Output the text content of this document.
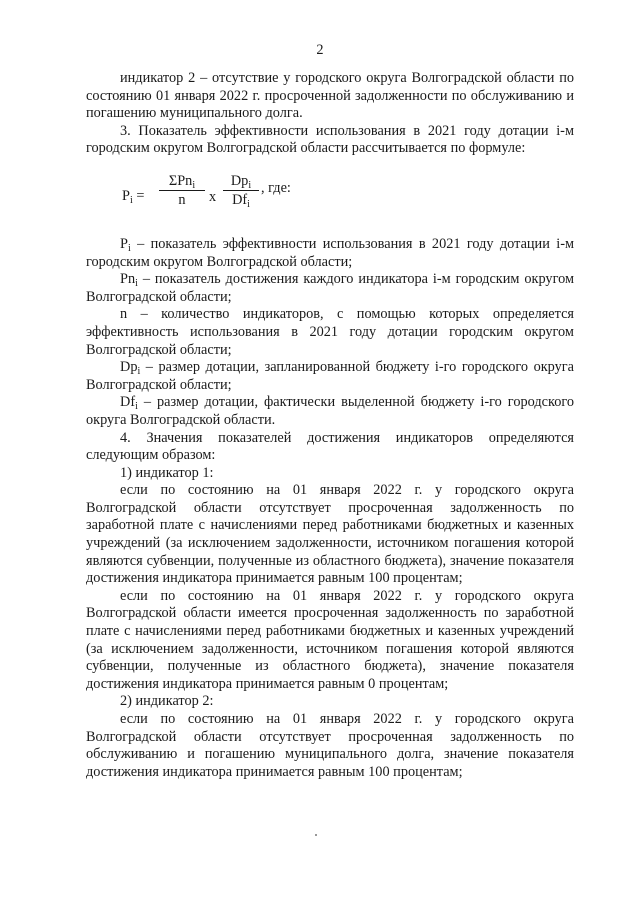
2

индикатор 2 – отсутствие у городского округа Волгоградской области по состоянию 01 января 2022 г. просроченной задолженности по обслуживанию и погашению муниципального долга.

3. Показатель эффективности использования в 2021 году дотации i-м городским округом Волгоградской области рассчитывается по формуле:

$P_i$ =
ΣPn$_i$
n	x
$Dp_i$
$Df_i$
, где:

$P_i$ – показатель эффективности использования в 2021 году дотации i-м городским округом Волгоградской области;

$Pn_i$ – показатель достижения каждого индикатора i-м городским округом Волгоградской области;

n – количество индикаторов, с помощью которых определяется эффективность использования в 2021 году дотации городским округом Волгоградской области;

$Dp_i$ – размер дотации, запланированной бюджету i-го городского округа Волгоградской области;

$Df_i$ – размер дотации, фактически выделенной бюджету i-го городского округа Волгоградской области.

4. Значения показателей достижения индикаторов определяются следующим образом:

1) индикатор 1:

если по состоянию на 01 января 2022 г. у городского округа Волгоградской области отсутствует просроченная задолженность по заработной плате с начислениями перед работниками бюджетных и казенных учреждений (за исключением задолженности, источником погашения которой являются субвенции, полученные из областного бюджета), значение показателя достижения индикатора принимается равным 100 процентам;

если по состоянию на 01 января 2022 г. у городского округа Волгоградской области имеется просроченная задолженность по заработной плате с начислениями перед работниками бюджетных и казенных учреждений (за исключением задолженности, источником погашения которой являются субвенции, полученные из областного бюджета), значение показателя достижения индикатора принимается равным 0 процентам;

2) индикатор 2:

если по состоянию на 01 января 2022 г. у городского округа Волгоградской области отсутствует просроченная задолженность по обслуживанию и погашению муниципального долга, значение показателя достижения индикатора принимается равным 100 процентам;
